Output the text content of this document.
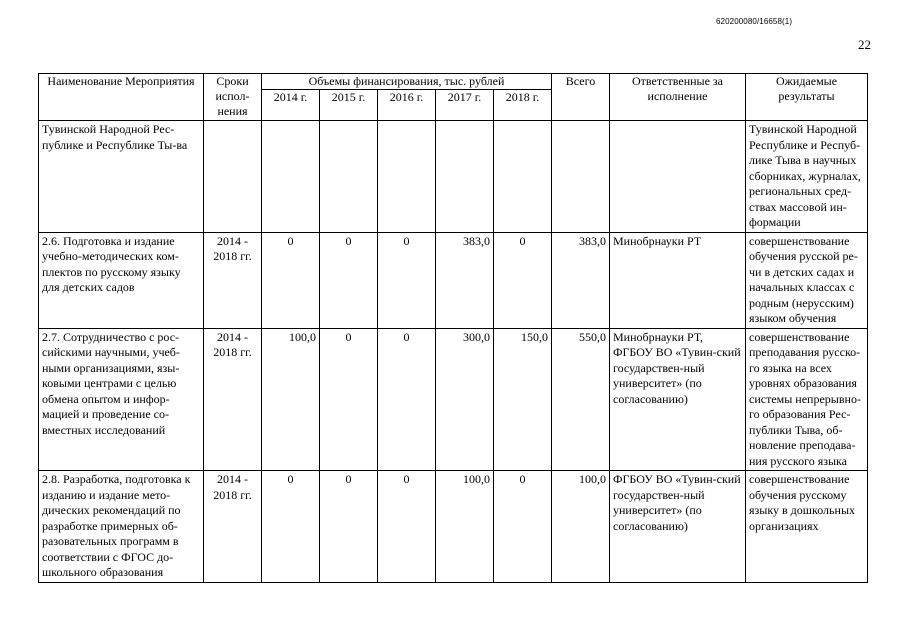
620200080/16658(1)
22
Наименование Мероприятия	Сроки испол-нения	Объемы финансирования, тыс. рублей					Всего	Ответственные за исполнение	Ожидаемые результаты
		2014 г.	2015 г.	2016 г.	2017 г.	2018 г.			
Тувинской Народной Рес-публике и Республике Ты-ва									Тувинской Народной Республике и Респуб-лике Тыва в научных сборниках, журналах, региональных сред-ствах массовой ин-формации
2.6. Подготовка и издание учебно-методических ком-плектов по русскому языку для детских садов	2014 - 2018 гг.	0	0	0	383,0	0	383,0	Минобрнауки РТ	совершенствование обучения русской ре-чи в детских садах и начальных классах с родным (нерусским) языком обучения
2.7. Сотрудничество с рос-сийскими научными, учеб-ными организациями, язы-ковыми центрами с целью обмена опытом и инфор-мацией и проведение со-вместных исследований	2014 - 2018 гг.	100,0	0	0	300,0	150,0	550,0	Минобрнауки РТ, ФГБОУ ВО «Тувин-ский государствен-ный университет» (по согласованию)	совершенствование преподавания русско-го языка на всех уровнях образования системы непрерывно-го образования Рес-публики Тыва, об-новление преподава-ния русского языка
2.8. Разработка, подготовка к изданию и издание мето-дических рекомендаций по разработке примерных об-разовательных программ в соответствии с ФГОС до-школьного образования	2014 - 2018 гг.	0	0	0	100,0	0	100,0	ФГБОУ ВО «Тувин-ский государствен-ный университет» (по согласованию)	совершенствование обучения русскому языку в дошкольных организациях
